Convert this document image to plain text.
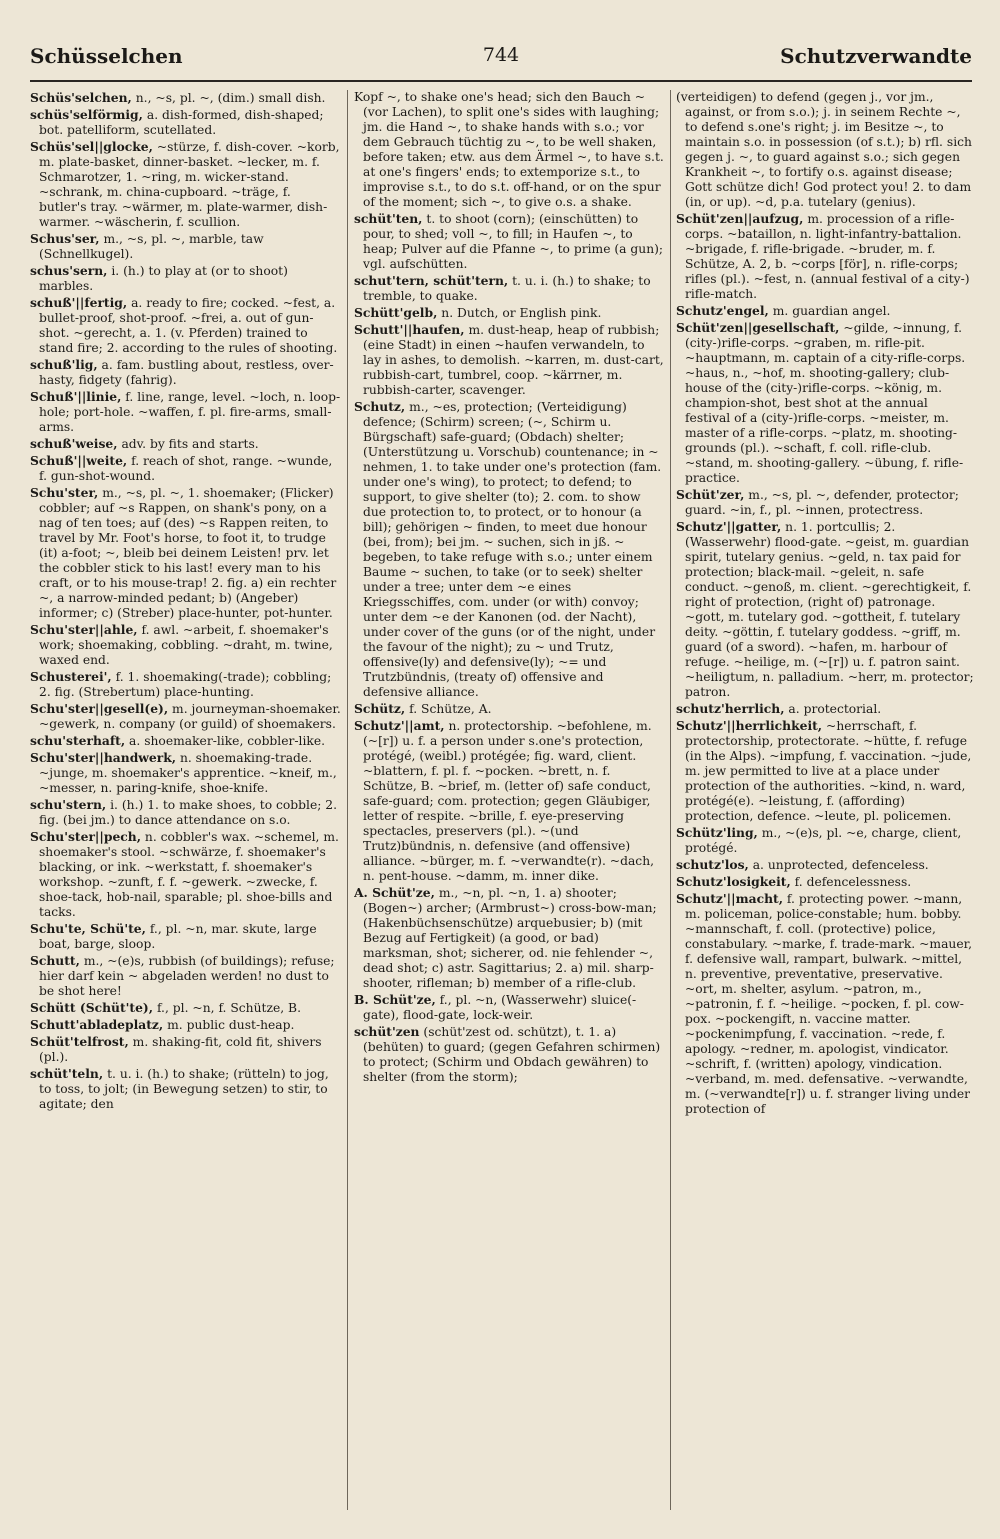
Schüsselchen	744	Schutzverwandte
Schüs'selchen, n., ~s, pl. ~, (dim.) small dish.
schüs'selförmig, a. dish-formed, dish-shaped; bot. patelliform, scutellated.
Schüs'sel||glocke, ~stürze, f. dish-cover. ~korb, m. plate-basket, dinner-basket. ~lecker, m. f. Schmarotzer, 1. ~ring, m. wicker-stand. ~schrank, m. china-cupboard. ~träge, f. butler's tray. ~wärmer, m. plate-warmer, dish-warmer. ~wäscherin, f. scullion.
Schus'ser, m., ~s, pl. ~, marble, taw (Schnellkugel).
schus'sern, i. (h.) to play at (or to shoot) marbles.
schuß'||fertig, a. ready to fire; cocked. ~fest, a. bullet-proof, shot-proof. ~frei, a. out of gun-shot. ~gerecht, a. 1. (v. Pferden) trained to stand fire; 2. according to the rules of shooting.
schuß'lig, a. fam. bustling about, restless, over-hasty, fidgety (fahrig).
Schuß'||linie, f. line, range, level. ~loch, n. loop-hole; port-hole. ~waffen, f. pl. fire-arms, small-arms.
schuß'weise, adv. by fits and starts.
Schuß'||weite, f. reach of shot, range. ~wunde, f. gun-shot-wound.
Schu'ster, m., ~s, pl. ~, 1. shoemaker; (Flicker) cobbler; auf ~s Rappen, on shank's pony, on a nag of ten toes; auf (des) ~s Rappen reiten, to travel by Mr. Foot's horse, to foot it, to trudge (it) a-foot; ~, bleib bei deinem Leisten! prv. let the cobbler stick to his last! every man to his craft, or to his mouse-trap! 2. fig. a) ein rechter ~, a narrow-minded pedant; b) (Angeber) informer; c) (Streber) place-hunter, pot-hunter.
Schu'ster||ahle, f. awl. ~arbeit, f. shoemaker's work; shoemaking, cobbling. ~draht, m. twine, waxed end.
Schusterei', f. 1. shoemaking(-trade); cobbling; 2. fig. (Strebertum) place-hunting.
Schu'ster||gesell(e), m. journeyman-shoemaker. ~gewerk, n. company (or guild) of shoemakers.
schu'sterhaft, a. shoemaker-like, cobbler-like.
Schu'ster||handwerk, n. shoemaking-trade. ~junge, m. shoemaker's apprentice. ~kneif, m., ~messer, n. paring-knife, shoe-knife.
schu'stern, i. (h.) 1. to make shoes, to cobble; 2. fig. (bei jm.) to dance attendance on s.o.
Schu'ster||pech, n. cobbler's wax. ~schemel, m. shoemaker's stool. ~schwärze, f. shoemaker's blacking, or ink. ~werkstatt, f. shoemaker's workshop. ~zunft, f. f. ~gewerk. ~zwecke, f. shoe-tack, hob-nail, sparable; pl. shoe-bills and tacks.
Schu'te, Schü'te, f., pl. ~n, mar. skute, large boat, barge, sloop.
Schutt, m., ~(e)s, rubbish (of buildings); refuse; hier darf kein ~ abgeladen werden! no dust to be shot here!
Schütt (Schüt'te), f., pl. ~n, f. Schütze, B.
Schutt'abladeplatz, m. public dust-heap.
Schüt'telfrost, m. shaking-fit, cold fit, shivers (pl.).
schüt'teln, t. u. i. (h.) to shake; (rütteln) to jog, to toss, to jolt; (in Bewegung setzen) to stir, to agitate; den
Kopf ~, to shake one's head; sich den Bauch ~ (vor Lachen), to split one's sides with laughing; jm. die Hand ~, to shake hands with s.o.; vor dem Gebrauch tüchtig zu ~, to be well shaken, before taken; etw. aus dem Ärmel ~, to have s.t. at one's fingers' ends; to extemporize s.t., to improvise s.t., to do s.t. off-hand, or on the spur of the moment; sich ~, to give o.s. a shake.
schüt'ten, t. to shoot (corn); (einschütten) to pour, to shed; voll ~, to fill; in Haufen ~, to heap; Pulver auf die Pfanne ~, to prime (a gun); vgl. aufschütten.
schut'tern, schüt'tern, t. u. i. (h.) to shake; to tremble, to quake.
Schütt'gelb, n. Dutch, or English pink.
Schutt'||haufen, m. dust-heap, heap of rubbish; (eine Stadt) in einen ~haufen verwandeln, to lay in ashes, to demolish. ~karren, m. dust-cart, rubbish-cart, tumbrel, coop. ~kärrner, m. rubbish-carter, scavenger.
Schutz, m., ~es, protection; (Verteidigung) defence; (Schirm) screen; (~, Schirm u. Bürgschaft) safe-guard; (Obdach) shelter; (Unterstützung u. Vorschub) countenance; in ~ nehmen, 1. to take under one's protection (fam. under one's wing), to protect; to defend; to support, to give shelter (to); 2. com. to show due protection to, to protect, or to honour (a bill); gehörigen ~ finden, to meet due honour (bei, from); bei jm. ~ suchen, sich in jß. ~ begeben, to take refuge with s.o.; unter einem Baume ~ suchen, to take (or to seek) shelter under a tree; unter dem ~e eines Kriegsschiffes, com. under (or with) convoy; unter dem ~e der Kanonen (od. der Nacht), under cover of the guns (or of the night, under the favour of the night); zu ~ und Trutz, offensive(ly) and defensive(ly); ~= und Trutzbündnis, (treaty of) offensive and defensive alliance.
Schütz, f. Schütze, A.
Schutz'||amt, n. protectorship. ~befohlene, m. (~[r]) u. f. a person under s.one's protection, protégé, (weibl.) protégée; fig. ward, client. ~blattern, f. pl. f. ~pocken. ~brett, n. f. Schütze, B. ~brief, m. (letter of) safe conduct, safe-guard; com. protection; gegen Gläubiger, letter of respite. ~brille, f. eye-preserving spectacles, preservers (pl.). ~(und Trutz)bündnis, n. defensive (and offensive) alliance. ~bürger, m. f. ~verwandte(r). ~dach, n. pent-house. ~damm, m. inner dike.
A. Schüt'ze, m., ~n, pl. ~n, 1. a) shooter; (Bogen~) archer; (Armbrust~) cross-bow-man; (Hakenbüchsenschütze) arquebusier; b) (mit Bezug auf Fertigkeit) (a good, or bad) marksman, shot; sicherer, od. nie fehlender ~, dead shot; c) astr. Sagittarius; 2. a) mil. sharp-shooter, rifleman; b) member of a rifle-club.
B. Schüt'ze, f., pl. ~n, (Wasserwehr) sluice(-gate), flood-gate, lock-weir.
schüt'zen (schüt'zest od. schützt), t. 1. a) (behüten) to guard; (gegen Gefahren schirmen) to protect; (Schirm und Obdach gewähren) to shelter (from the storm);
(verteidigen) to defend (gegen j., vor jm., against, or from s.o.); j. in seinem Rechte ~, to defend s.one's right; j. im Besitze ~, to maintain s.o. in possession (of s.t.); b) rfl. sich gegen j. ~, to guard against s.o.; sich gegen Krankheit ~, to fortify o.s. against disease; Gott schütze dich! God protect you! 2. to dam (in, or up). ~d, p.a. tutelary (genius).
Schüt'zen||aufzug, m. procession of a rifle-corps. ~bataillon, n. light-infantry-battalion. ~brigade, f. rifle-brigade. ~bruder, m. f. Schütze, A. 2, b. ~corps [för], n. rifle-corps; rifles (pl.). ~fest, n. (annual festival of a city-) rifle-match.
Schutz'engel, m. guardian angel.
Schüt'zen||gesellschaft, ~gilde, ~innung, f. (city-)rifle-corps. ~graben, m. rifle-pit. ~hauptmann, m. captain of a city-rifle-corps. ~haus, n., ~hof, m. shooting-gallery; club-house of the (city-)rifle-corps. ~könig, m. champion-shot, best shot at the annual festival of a (city-)rifle-corps. ~meister, m. master of a rifle-corps. ~platz, m. shooting-grounds (pl.). ~schaft, f. coll. rifle-club. ~stand, m. shooting-gallery. ~übung, f. rifle-practice.
Schüt'zer, m., ~s, pl. ~, defender, protector; guard. ~in, f., pl. ~innen, protectress.
Schutz'||gatter, n. 1. portcullis; 2. (Wasserwehr) flood-gate. ~geist, m. guardian spirit, tutelary genius. ~geld, n. tax paid for protection; black-mail. ~geleit, n. safe conduct. ~genoß, m. client. ~gerechtigkeit, f. right of protection, (right of) patronage. ~gott, m. tutelary god. ~gottheit, f. tutelary deity. ~göttin, f. tutelary goddess. ~griff, m. guard (of a sword). ~hafen, m. harbour of refuge. ~heilige, m. (~[r]) u. f. patron saint. ~heiligtum, n. palladium. ~herr, m. protector; patron.
schutz'herrlich, a. protectorial.
Schutz'||herrlichkeit, ~herrschaft, f. protectorship, protectorate. ~hütte, f. refuge (in the Alps). ~impfung, f. vaccination. ~jude, m. jew permitted to live at a place under protection of the authorities. ~kind, n. ward, protégé(e). ~leistung, f. (affording) protection, defence. ~leute, pl. policemen.
Schütz'ling, m., ~(e)s, pl. ~e, charge, client, protégé.
schutz'los, a. unprotected, defenceless.
Schutz'losigkeit, f. defencelessness.
Schutz'||macht, f. protecting power. ~mann, m. policeman, police-constable; hum. bobby. ~mannschaft, f. coll. (protective) police, constabulary. ~marke, f. trade-mark. ~mauer, f. defensive wall, rampart, bulwark. ~mittel, n. preventive, preventative, preservative. ~ort, m. shelter, asylum. ~patron, m., ~patronin, f. f. ~heilige. ~pocken, f. pl. cow-pox. ~pockengift, n. vaccine matter. ~pockenimpfung, f. vaccination. ~rede, f. apology. ~redner, m. apologist, vindicator. ~schrift, f. (written) apology, vindication. ~verband, m. med. defensative. ~verwandte, m. (~verwandte[r]) u. f. stranger living under protection of
